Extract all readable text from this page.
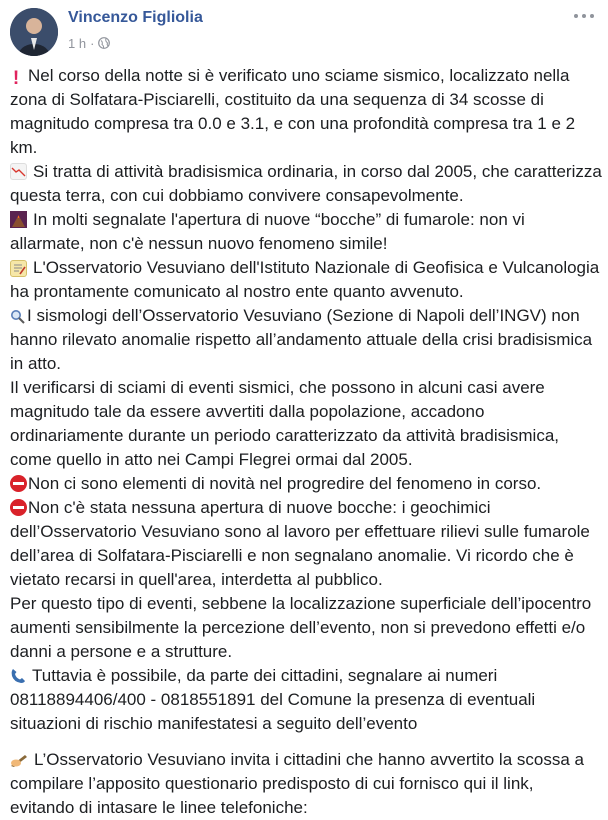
Vincenzo Figliolia
1 h ·

! Nel corso della notte si è verificato uno sciame sismico, localizzato nella zona di Solfatara-Pisciarelli, costituito da una sequenza di 34 scosse di magnitudo compresa tra 0.0 e 3.1, e con una profondità compresa tra 1 e 2 km.

Si tratta di attività bradisismica ordinaria, in corso dal 2005, che caratterizza questa terra, con cui dobbiamo convivere consapevolmente.

In molti segnalate l'apertura di nuove “bocche” di fumarole: non vi allarmate, non c'è nessun nuovo fenomeno simile!

L'Osservatorio Vesuviano dell'Istituto Nazionale di Geofisica e Vulcanologia ha prontamente comunicato al nostro ente quanto avvenuto.

I sismologi dell’Osservatorio Vesuviano (Sezione di Napoli dell’INGV) non hanno rilevato anomalie rispetto all’andamento attuale della crisi bradisismica in atto.

Il verificarsi di sciami di eventi sismici, che possono in alcuni casi avere magnitudo tale da essere avvertiti dalla popolazione, accadono ordinariamente durante un periodo caratterizzato da attività bradisismica, come quello in atto nei Campi Flegrei ormai dal 2005.

Non ci sono elementi di novità nel progredire del fenomeno in corso.

Non c'è stata nessuna apertura di nuove bocche: i geochimici dell’Osservatorio Vesuviano sono al lavoro per effettuare rilievi sulle fumarole dell’area di Solfatara-Pisciarelli e non segnalano anomalie. Vi ricordo che è vietato recarsi in quell'area, interdetta al pubblico.

Per questo tipo di eventi, sebbene la localizzazione superficiale dell’ipocentro aumenti sensibilmente la percezione dell’evento, non si prevedono effetti e/o danni a persone e a strutture.

Tuttavia è possibile, da parte dei cittadini, segnalare ai numeri 08118894406/400 - 0818551891 del Comune la presenza di eventuali situazioni di rischio manifestatesi a seguito dell’evento

L’Osservatorio Vesuviano invita i cittadini che hanno avvertito la scossa a compilare l’apposito questionario predisposto di cui fornisco qui il link, evitando di intasare le linee telefoniche:
